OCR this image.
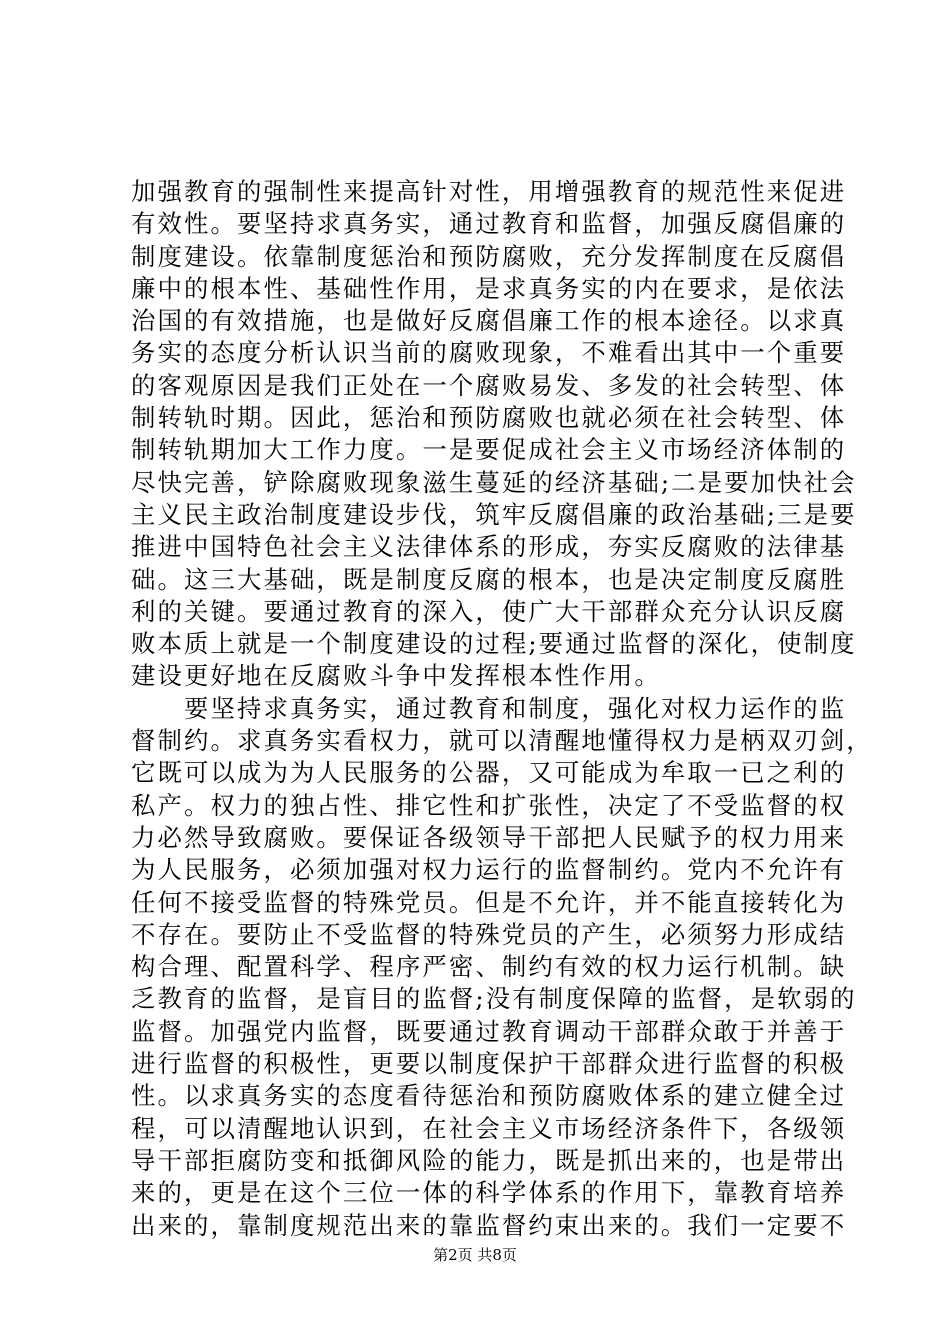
加强教育的强制性来提高针对性，用增强教育的规范性来促进
有效性。要坚持求真务实，通过教育和监督，加强反腐倡廉的
制度建设。依靠制度惩治和预防腐败，充分发挥制度在反腐倡
廉中的根本性、基础性作用，是求真务实的内在要求，是依法
治国的有效措施，也是做好反腐倡廉工作的根本途径。以求真
务实的态度分析认识当前的腐败现象，不难看出其中一个重要
的客观原因是我们正处在一个腐败易发、多发的社会转型、体
制转轨时期。因此，惩治和预防腐败也就必须在社会转型、体
制转轨期加大工作力度。一是要促成社会主义市场经济体制的
尽快完善，铲除腐败现象滋生蔓延的经济基础;二是要加快社会
主义民主政治制度建设步伐，筑牢反腐倡廉的政治基础;三是要
推进中国特色社会主义法律体系的形成，夯实反腐败的法律基
础。这三大基础，既是制度反腐的根本，也是决定制度反腐胜
利的关键。要通过教育的深入，使广大干部群众充分认识反腐
败本质上就是一个制度建设的过程;要通过监督的深化，使制度
建设更好地在反腐败斗争中发挥根本性作用。
　　要坚持求真务实，通过教育和制度，强化对权力运作的监
督制约。求真务实看权力，就可以清醒地懂得权力是柄双刃剑，
它既可以成为为人民服务的公器，又可能成为牟取一已之利的
私产。权力的独占性、排它性和扩张性，决定了不受监督的权
力必然导致腐败。要保证各级领导干部把人民赋予的权力用来
为人民服务，必须加强对权力运行的监督制约。党内不允许有
任何不接受监督的特殊党员。但是不允许，并不能直接转化为
不存在。要防止不受监督的特殊党员的产生，必须努力形成结
构合理、配置科学、程序严密、制约有效的权力运行机制。缺
乏教育的监督，是盲目的监督;没有制度保障的监督，是软弱的
监督。加强党内监督，既要通过教育调动干部群众敢于并善于
进行监督的积极性，更要以制度保护干部群众进行监督的积极
性。以求真务实的态度看待惩治和预防腐败体系的建立健全过
程，可以清醒地认识到，在社会主义市场经济条件下，各级领
导干部拒腐防变和抵御风险的能力，既是抓出来的，也是带出
来的，更是在这个三位一体的科学体系的作用下，靠教育培养
出来的，靠制度规范出来的靠监督约束出来的。我们一定要不
第2页 共8页
